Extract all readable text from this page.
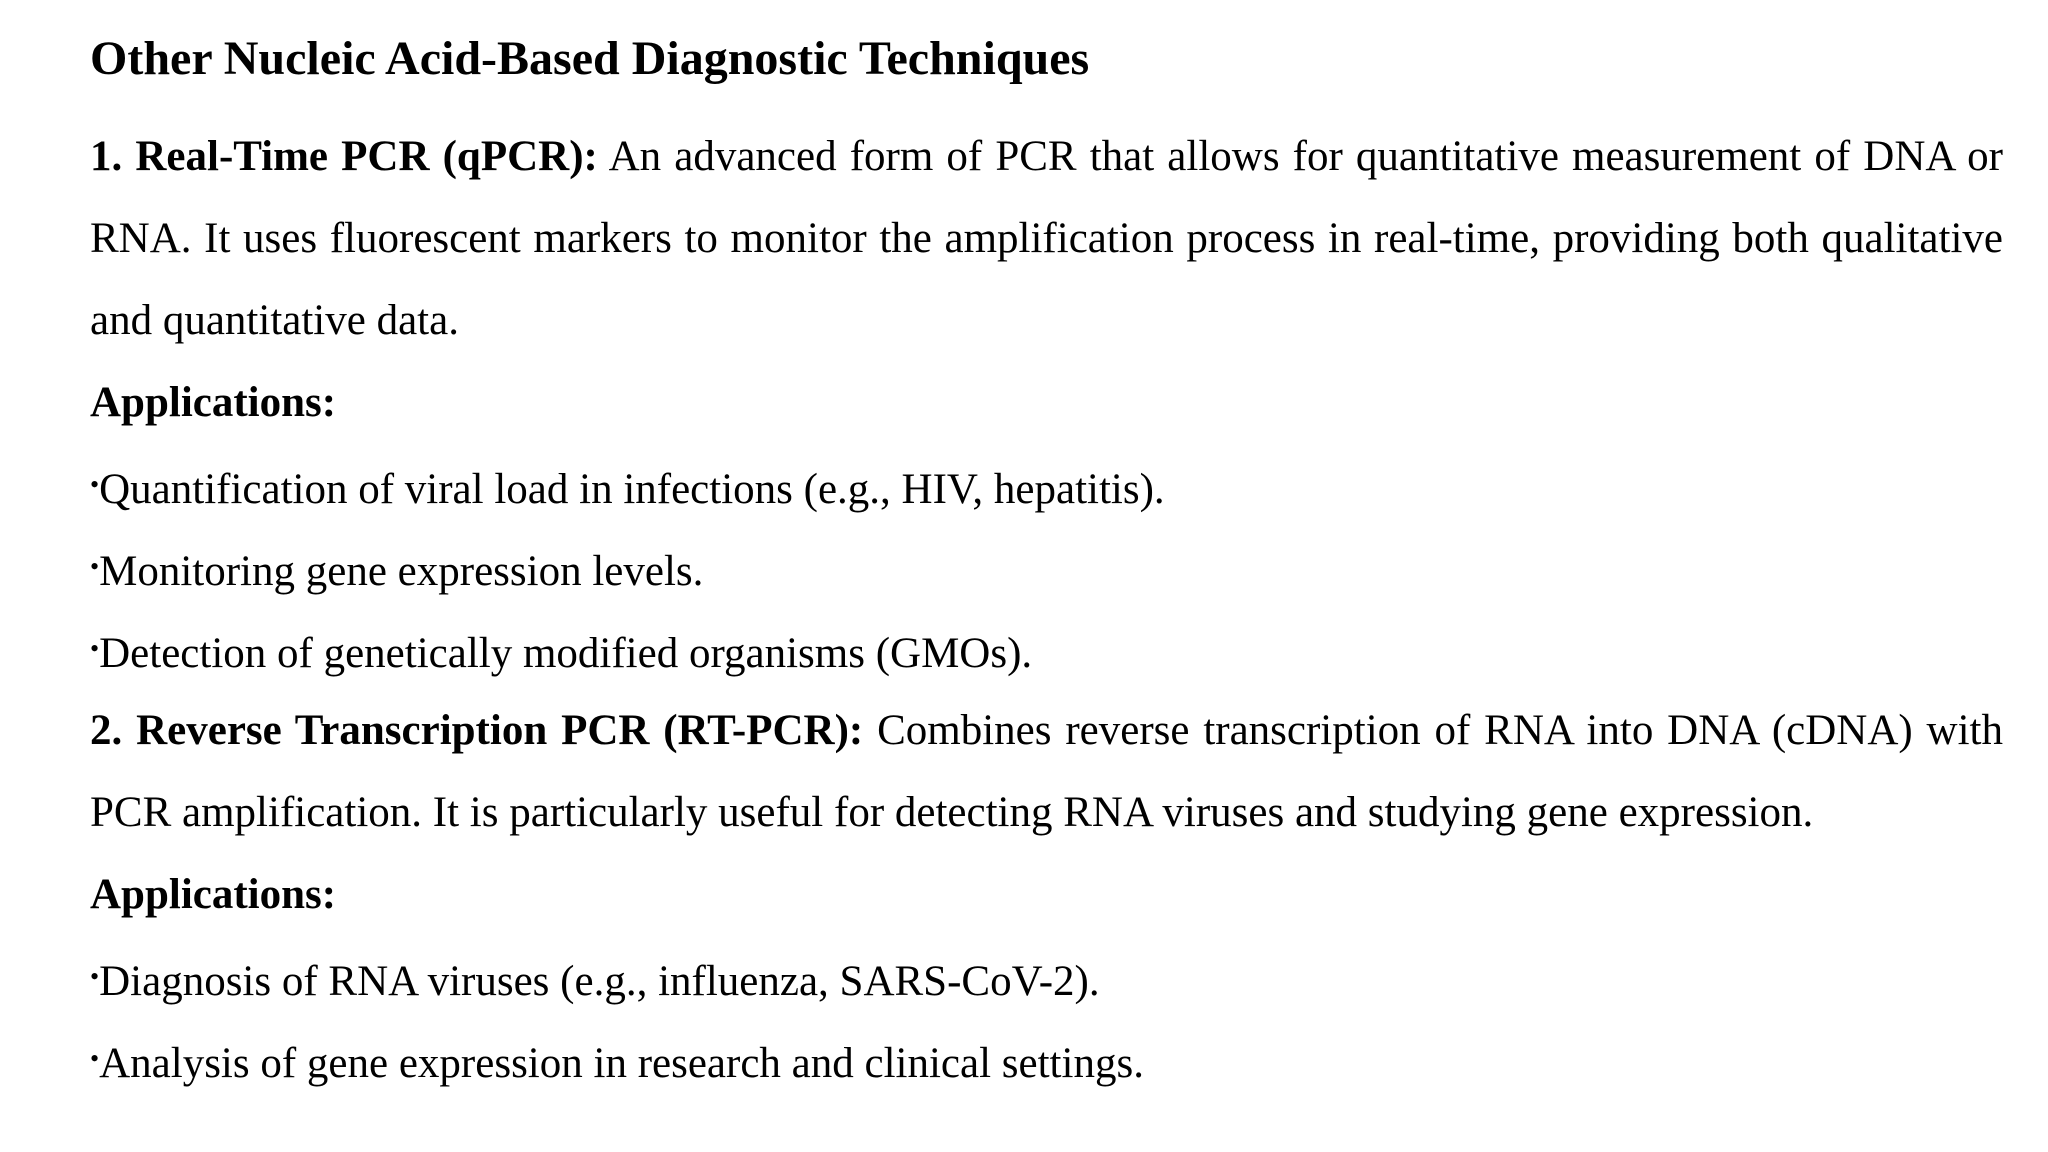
Other Nucleic Acid-Based Diagnostic Techniques

1. Real-Time PCR (qPCR): An advanced form of PCR that allows for quantitative measurement of DNA or RNA. It uses fluorescent markers to monitor the amplification process in real-time, providing both qualitative and quantitative data.

Applications:
•Quantification of viral load in infections (e.g., HIV, hepatitis).
•Monitoring gene expression levels.
•Detection of genetically modified organisms (GMOs).

2. Reverse Transcription PCR (RT-PCR): Combines reverse transcription of RNA into DNA (cDNA) with PCR amplification. It is particularly useful for detecting RNA viruses and studying gene expression.

Applications:
•Diagnosis of RNA viruses (e.g., influenza, SARS-CoV-2).
•Analysis of gene expression in research and clinical settings.
